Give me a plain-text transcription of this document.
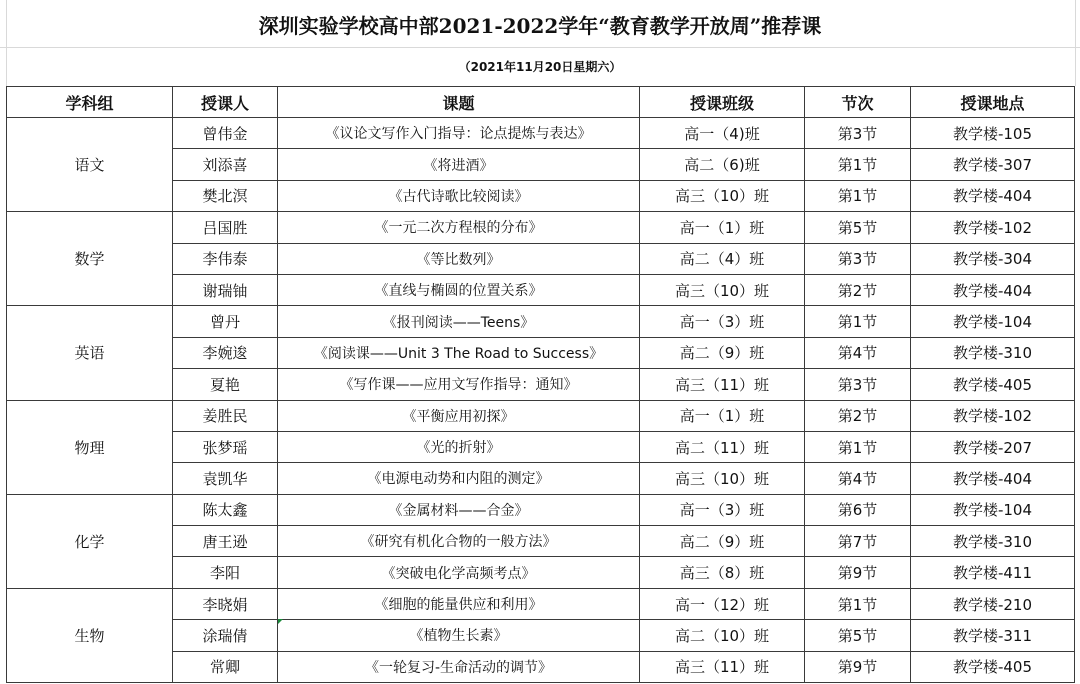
深圳实验学校高中部2021-2022学年“教育教学开放周”推荐课
（2021年11月20日星期六）
学科组	授课人	课题	授课班级	节次	授课地点
语文	曾伟金	《议论文写作入门指导：论点提炼与表达》	高一（4)班	第3节	教学楼-105
	刘添喜	《将进酒》	高二（6)班	第1节	教学楼-307
	樊北溟	《古代诗歌比较阅读》	高三（10）班	第1节	教学楼-404
数学	吕国胜	《一元二次方程根的分布》	高一（1）班	第5节	教学楼-102
	李伟泰	《等比数列》	高二（4）班	第3节	教学楼-304
	谢瑞铀	《直线与椭圆的位置关系》	高三（10）班	第2节	教学楼-404
英语	曾丹	《报刊阅读——Teens》	高一（3）班	第1节	教学楼-104
	李婉逡	《阅读课——Unit 3 The Road to Success》	高二（9）班	第4节	教学楼-310
	夏艳	《写作课——应用文写作指导：通知》	高三（11）班	第3节	教学楼-405
物理	姜胜民	《平衡应用初探》	高一（1）班	第2节	教学楼-102
	张梦瑶	《光的折射》	高二（11）班	第1节	教学楼-207
	袁凯华	《电源电动势和内阻的测定》	高三（10）班	第4节	教学楼-404
化学	陈太鑫	《金属材料——合金》	高一（3）班	第6节	教学楼-104
	唐王逊	《研究有机化合物的一般方法》	高二（9）班	第7节	教学楼-310
	李阳	《突破电化学高频考点》	高三（8）班	第9节	教学楼-411
生物	李晓娟	《细胞的能量供应和利用》	高一（12）班	第1节	教学楼-210
	涂瑞倩	《植物生长素》	高二（10）班	第5节	教学楼-311
	常卿	《一轮复习-生命活动的调节》	高三（11）班	第9节	教学楼-405
